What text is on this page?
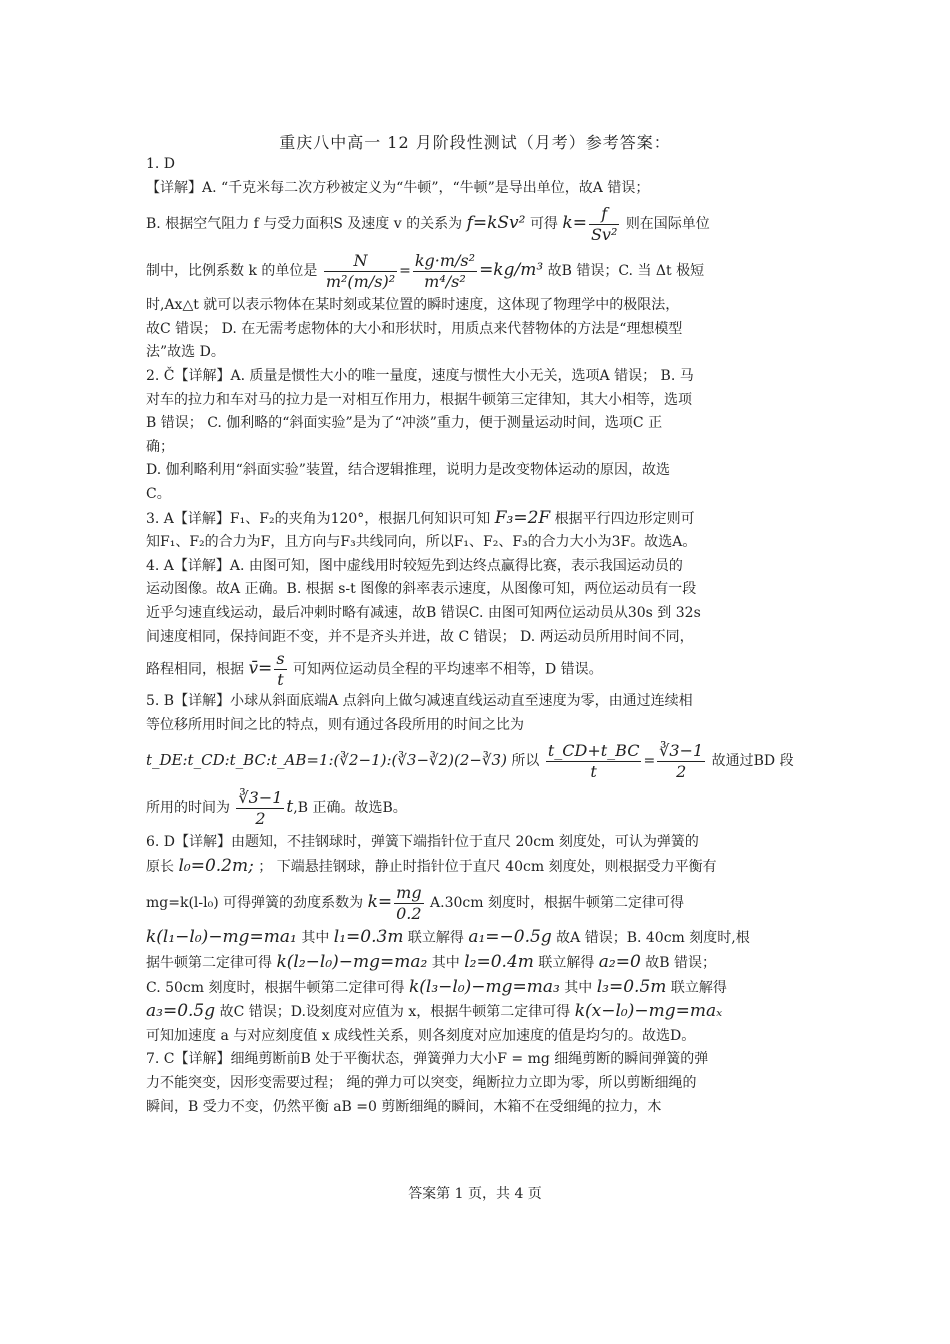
重庆八中高一 12 月阶段性测试（月考）参考答案：

1. D

【详解】A. “千克米每二次方秒被定义为“牛顿”，“牛顿”是导出单位，故A 错误；

B. 根据空气阻力 f 与受力面积S 及速度 v 的关系为 f=kSv² 可得 $k= \frac{f}{\text{Sv²}}$ 则在国际单位

制中，比例系数 k 的单位是 $\frac{N}{\text{m²(m/s)²}} = \frac{\text{kg·m/s²}}{\text{m⁴/s²}} =kg/m^3$ 故B 错误；C. 当 Δt 极短

时,Ax△t 就可以表示物体在某时刻或某位置的瞬时速度，这体现了物理学中的极限法，

故C 错误； D. 在无需考虑物体的大小和形状时，用质点来代替物体的方法是“理想模型

法”故选 D。

2. Č【详解】A. 质量是惯性大小的唯一量度，速度与惯性大小无关，选项A 错误； B. 马

对车的拉力和车对马的拉力是一对相互作用力，根据牛顿第三定律知，其大小相等，选项

B 错误； C. 伽利略的“斜面实验”是为了“冲淡”重力，便于测量运动时间，选项C 正

确；

D. 伽利略利用“斜面实验”装置，结合逻辑推理，说明力是改变物体运动的原因，故选

C。

3. A【详解】F₁、F₂的夹角为120°，根据几何知识可知 F₃=2F 根据平行四边形定则可

知F₁、F₂的合力为F，且方向与F₃共线同向，所以F₁、F₂、F₃的合力大小为3F。故选A。

4. A【详解】A. 由图可知，图中虚线用时较短先到达终点赢得比赛，表示我国运动员的

运动图像。故A 正确。B. 根据 s-t 图像的斜率表示速度，从图像可知，两位运动员有一段

近乎匀速直线运动，最后冲刺时略有减速，故B 错误C. 由图可知两位运动员从30s 到 32s

间速度相同，保持间距不变，并不是齐头并进，故 C 错误； D. 两运动员所用时间不同，

路程相同，根据 v̄= $\frac{s}{t}$ 可知两位运动员全程的平均速率不相等，D 错误。

5. B【详解】小球从斜面底端A 点斜向上做匀减速直线运动直至速度为零，由通过连续相

等位移所用时间之比的特点，则有通过各段所用的时间之比为

t_DE:t_CD:t_BC:t_AB=1:(∛2−1):(∛3−∛2)(2−∛3) 所以 $\frac{t\_CD+t\_BC}{t} = \frac{∛3-1}{2}$ 故通过BD 段

所用的时间为 $\frac{∛3-1}{2} t,B$ 正确。故选B。

6. D【详解】由题知，不挂钢球时，弹簧下端指针位于直尺 20cm 刻度处，可认为弹簧的

原长 l₀=0.2m; ； 下端悬挂钢球，静止时指针位于直尺 40cm 刻度处，则根据受力平衡有

mg=k(l-l₀) 可得弹簧的劲度系数为 $k= \frac{mg}{0.2} A.30cm$ 刻度时，根据牛顿第二定律可得

k(l₁−l₀)−mg=ma₁ 其中 l₁=0.3m 联立解得 a₁=−0.5g 故A 错误；B. 40cm 刻度时,根

据牛顿第二定律可得 k(l₂−l₀)−mg=ma₂ 其中 l₂=0.4m 联立解得 a₂=0 故B 错误；

C. 50cm 刻度时，根据牛顿第二定律可得 k(l₃−l₀)−mg=ma₃ 其中 l₃=0.5m 联立解得

a₃=0.5g 故C 错误；D.设刻度对应值为 x，根据牛顿第二定律可得 k(x−l₀)−mg=maₓ

可知加速度 a 与对应刻度值 x 成线性关系，则各刻度对应加速度的值是均匀的。故选D。

7. C【详解】细绳剪断前B 处于平衡状态，弹簧弹力大小F = mg 细绳剪断的瞬间弹簧的弹

力不能突变，因形变需要过程； 绳的弹力可以突变，绳断拉力立即为零，所以剪断细绳的

瞬间，B 受力不变，仍然平衡 aB =0 剪断细绳的瞬间，木箱不在受细绳的拉力，木

答案第 1 页，共 4 页
